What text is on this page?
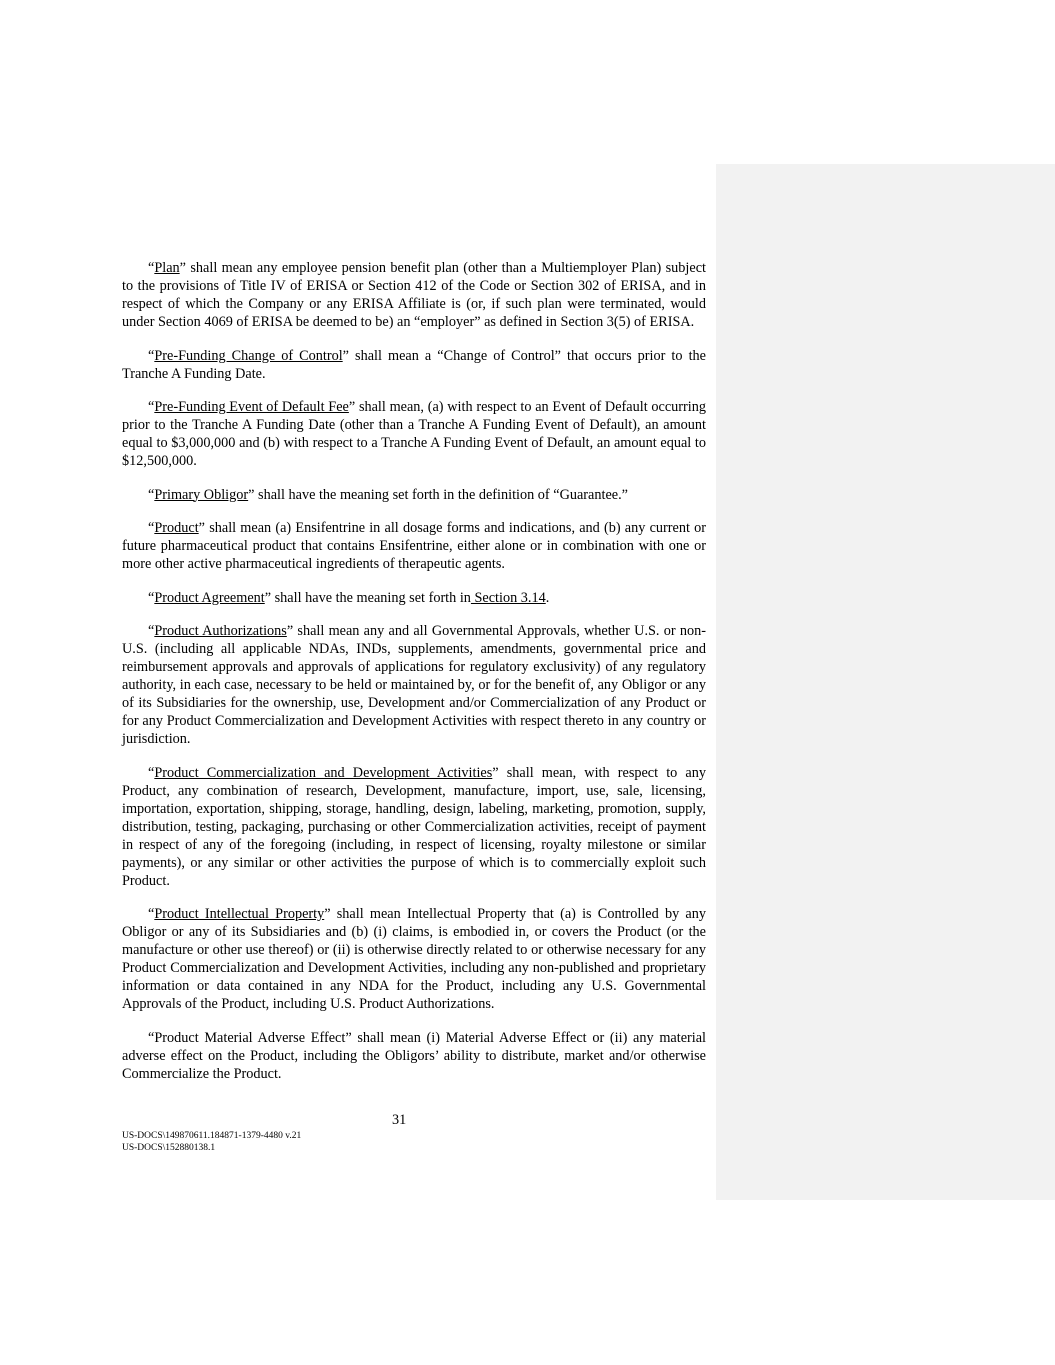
“Plan” shall mean any employee pension benefit plan (other than a Multiemployer Plan) subject to the provisions of Title IV of ERISA or Section 412 of the Code or Section 302 of ERISA, and in respect of which the Company or any ERISA Affiliate is (or, if such plan were terminated, would under Section 4069 of ERISA be deemed to be) an “employer” as defined in Section 3(5) of ERISA.

“Pre-Funding Change of Control” shall mean a “Change of Control” that occurs prior to the Tranche A Funding Date.

“Pre-Funding Event of Default Fee” shall mean, (a) with respect to an Event of Default occurring prior to the Tranche A Funding Date (other than a Tranche A Funding Event of Default), an amount equal to $3,000,000 and (b) with respect to a Tranche A Funding Event of Default, an amount equal to $12,500,000.

“Primary Obligor” shall have the meaning set forth in the definition of “Guarantee.”

“Product” shall mean (a) Ensifentrine in all dosage forms and indications, and (b) any current or future pharmaceutical product that contains Ensifentrine, either alone or in combination with one or more other active pharmaceutical ingredients of therapeutic agents.

“Product Agreement” shall have the meaning set forth in Section 3.14.

“Product Authorizations” shall mean any and all Governmental Approvals, whether U.S. or non-U.S. (including all applicable NDAs, INDs, supplements, amendments, governmental price and reimbursement approvals and approvals of applications for regulatory exclusivity) of any regulatory authority, in each case, necessary to be held or maintained by, or for the benefit of, any Obligor or any of its Subsidiaries for the ownership, use, Development and/or Commercialization of any Product or for any Product Commercialization and Development Activities with respect thereto in any country or jurisdiction.

“Product Commercialization and Development Activities” shall mean, with respect to any Product, any combination of research, Development, manufacture, import, use, sale, licensing, importation, exportation, shipping, storage, handling, design, labeling, marketing, promotion, supply, distribution, testing, packaging, purchasing or other Commercialization activities, receipt of payment in respect of any of the foregoing (including, in respect of licensing, royalty milestone or similar payments), or any similar or other activities the purpose of which is to commercially exploit such Product.

“Product Intellectual Property” shall mean Intellectual Property that (a) is Controlled by any Obligor or any of its Subsidiaries and (b) (i) claims, is embodied in, or covers the Product (or the manufacture or other use thereof) or (ii) is otherwise directly related to or otherwise necessary for any Product Commercialization and Development Activities, including any non-published and proprietary information or data contained in any NDA for the Product, including any U.S. Governmental Approvals of the Product, including U.S. Product Authorizations.

“Product Material Adverse Effect” shall mean (i) Material Adverse Effect or (ii) any material adverse effect on the Product, including the Obligors’ ability to distribute, market and/or otherwise Commercialize the Product.

31
US-DOCS\149870611.184871-1379-4480 v.21
US-DOCS\152880138.1
